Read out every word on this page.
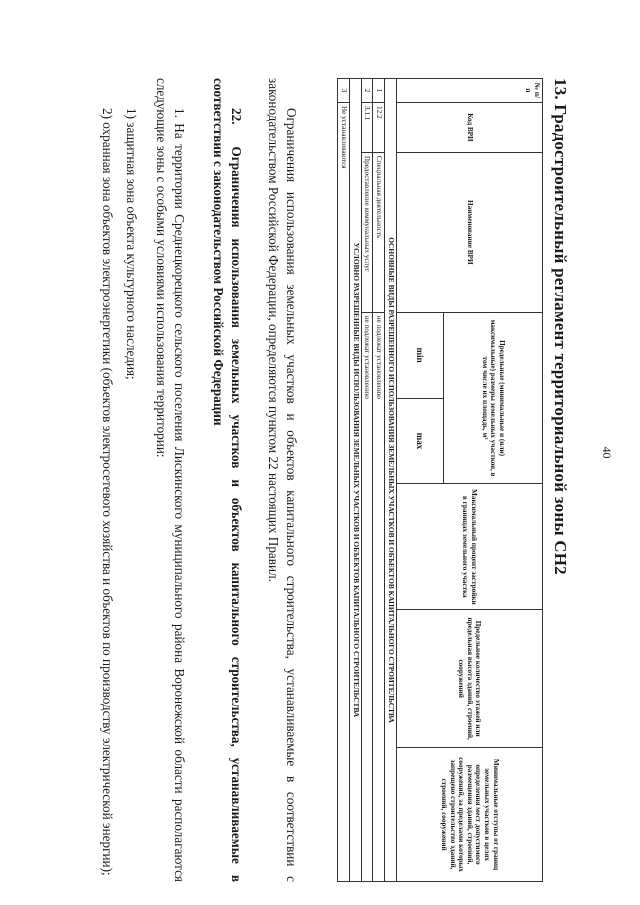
40
13. Градостроительный регламент территориальной зоны СН2
№ п/п	Код ВРИ	Наименование ВРИ	Предельные (минимальные и (или) максимальные) размеры земельных участков, в том числе их площадь, м²		Максимальный процент застройки в границах земельного участка	Предельное количество этажей или предельная высота зданий, строений, сооружений	Минимальные отступы от границ земельных участков в целях определения мест допустимого размещения зданий, строений, сооружений, за пределами которых запрещено строительство зданий, строений, сооружений
			min	max			
ОСНОВНЫЕ ВИДЫ РАЗРЕШЕННОГО ИСПОЛЬЗОВАНИЯ ЗЕМЕЛЬНЫХ УЧАСТКОВ И ОБЪЕКТОВ КАПИТАЛЬНОГО СТРОИТЕЛЬСТВА							
1	12.2	Специальная деятельность	не подлежат установлению				
2	3.1.1	Предоставление коммунальных услуг	не подлежат установлению				
УСЛОВНО РАЗРЕШЕННЫЕ ВИДЫ ИСПОЛЬЗОВАНИЯ ЗЕМЕЛЬНЫХ УЧАСТКОВ И ОБЪЕКТОВ КАПИТАЛЬНОГО СТРОИТЕЛЬСТВА							
3	Не устанавливаются						
Ограничения использования земельных участков и объектов капитального строительства, устанавливаемые в соответствии с законодательством Российской Федерации, определяются пунктом 22 настоящих Правил.
22.Ограничения использования земельных участков и объектов капитального строительства, устанавливаемые в соответствии с законодательством Российской Федерации
1. На территории Среднецкорецкого сельского поселения Лискинского муниципального района Воронежской области располагаются следующие зоны с особыми условиями использования территории:
1) защитная зона объекта культурного наследия;
2) охранная зона объектов электроэнергетики (объектов электросетевого хозяйства и объектов по производству электрической энергии);
